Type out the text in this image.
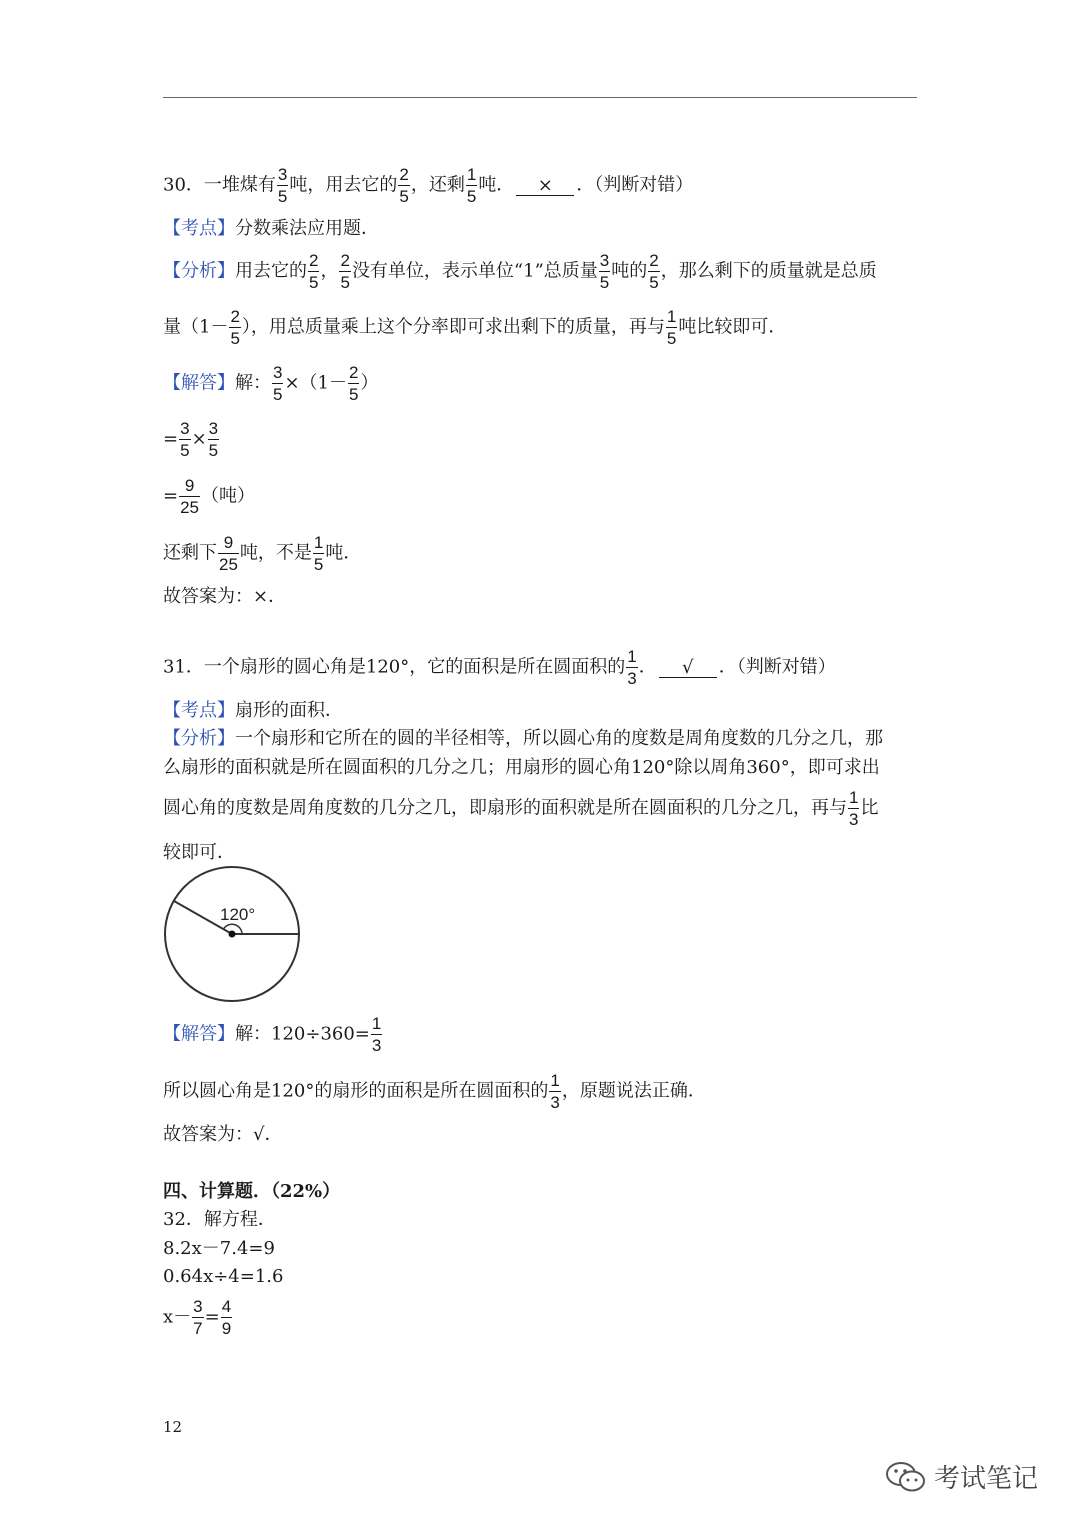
30．一堆煤有 $\frac{3}{5}$ 吨，用去它的 $\frac{2}{5}$ ，还剩 $\frac{1}{5}$ 吨． × ．（判断对错）
【考点】分数乘法应用题．
【分析】用去它的 $\frac{2}{5}$ ， $\frac{2}{5}$ 没有单位，表示单位“1”总质量 $\frac{3}{5}$ 吨的 $\frac{2}{5}$ ，那么剩下的质量就是总质
量（$1- \frac{2}{5}$ ），用总质量乘上这个分率即可求出剩下的质量，再与 $\frac{1}{5}$ 吨比较即可．
【解答】解： $\frac{3}{5} \times(1- \frac{2}{5}$ ）
= $\frac{3}{5} \times \frac{3}{5}$
= $\frac{9}{25}$ （吨）
还剩下 $\frac{9}{25}$ 吨，不是 $\frac{1}{5}$ 吨．
故答案为：×．
31．一个扇形的圆心角是120°，它的面积是所在圆面积的 $\frac{1}{3}$ ． √ ．（判断对错）
【考点】扇形的面积．
【分析】一个扇形和它所在的圆的半径相等，所以圆心角的度数是周角度数的几分之几，那
么扇形的面积就是所在圆面积的几分之几；用扇形的圆心角120°除以周角360°，即可求出
圆心角的度数是周角度数的几分之几，即扇形的面积就是所在圆面积的几分之几，再与 $\frac{1}{3}$ 比
较即可．
120°
【解答】解：$120\div 360= \frac{1}{3}$
所以圆心角是120°的扇形的面积是所在圆面积的 $\frac{1}{3}$ ，原题说法正确．
故答案为：√．
四、计算题．（22%）
32．解方程．
8.2x－7.4=9
0.64x÷4=1.6
$x- \frac{3}{7} = \frac{4}{9}$
12
考试笔记
